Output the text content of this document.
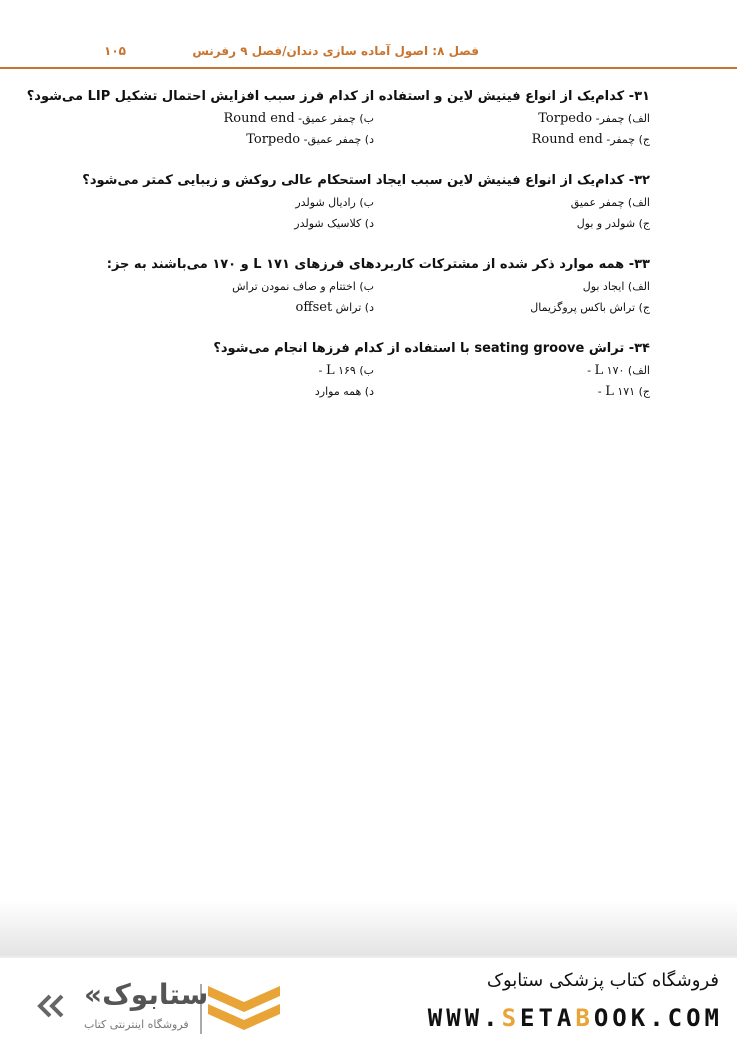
۱۰۵	فصل ۸: اصول آماده سازی دندان/فصل ۹ رفرنس
۳۱- کدام‌یک از انواع فینیش لاین و استفاده از کدام فرز سبب افزایش احتمال تشکیل LIP می‌شود؟
الف) چمفر- Torpedo
ب) چمفر عمیق- Round end
ج) چمفر- Round end
د) چمفر عمیق- Torpedo
۳۲- کدام‌یک از انواع فینیش لاین سبب ایجاد استحکام عالی روکش و زیبایی کمتر می‌شود؟
الف) چمفر عمیق
ب) رادیال شولدر
ج) شولدر و بول
د) کلاسیک شولدر
۳۳- همه موارد ذکر شده از مشترکات کاربردهای فرزهای L ۱۷۱ و ۱۷۰ می‌باشند به جز:
الف) ایجاد بول
ب) اختتام و صاف نمودن تراش
ج) تراش باکس پروگزیمال
د) تراش offset
۳۴- تراش seating groove با استفاده از کدام فرزها انجام می‌شود؟
الف) L ۱۷۰ -
ب) L ۱۶۹ -
ج) L ۱۷۱ -
د) همه موارد
«ستابوک
فروشگاه اینترنتی کتاب
فروشگاه کتاب پزشکی ستابوک
WWW.SETABOOK.COM
